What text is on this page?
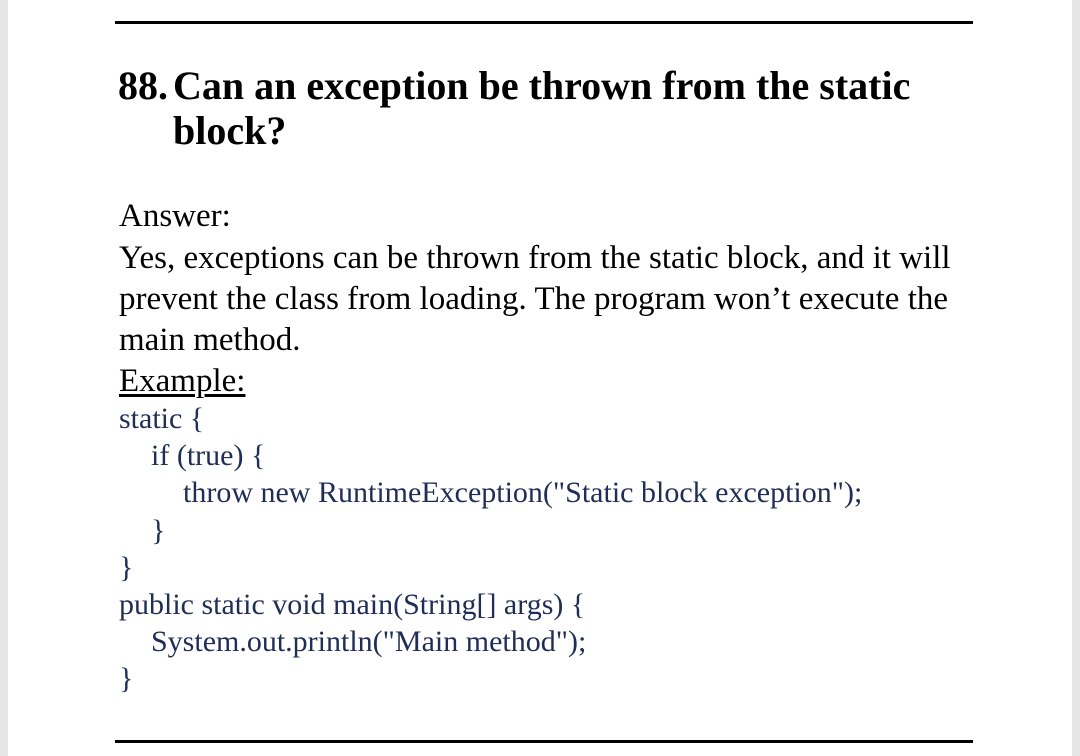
88. Can an exception be thrown from the static block?

Answer:

Yes, exceptions can be thrown from the static block, and it will prevent the class from loading. The program won’t execute the main method.

Example:

static {
if (true) {
throw new RuntimeException("Static block exception");
}
}
public static void main(String[] args) {
System.out.println("Main method");
}
